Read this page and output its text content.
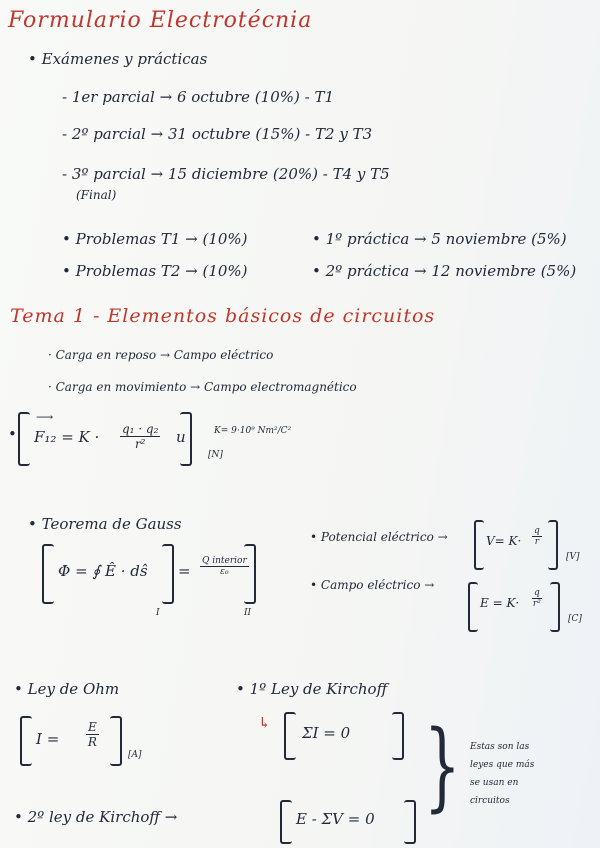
Formulario Electrotécnia
• Exámenes y prácticas
- 1er parcial → 6 octubre (10%) - T1
- 2º parcial → 31 octubre (15%) - T2 y T3
- 3º parcial → 15 diciembre (20%) - T4 y T5
(Final)
• Problemas T1 → (10%)
• Problemas T2 → (10%)
• 1º práctica → 5 noviembre (5%)
• 2º práctica → 12 noviembre (5%)
Tema 1 - Elementos básicos de circuitos
· Carga en reposo → Campo eléctrico
· Carga en movimiento → Campo electromagnético
• F₁₂ = K ·
⟶
$\frac{\text{q₁ · q₂}}{\text{r²}}$ u
[N]
K= 9·10⁹ Nm²/C²
• Teorema de Gauss
Φ = ∮ Ê · dŝ =
Q interior
ε₀
I	II
• Potencial eléctrico →	$V= K\cdot \frac{q}{r}$
[V]
• Campo eléctrico →
$E = K\cdot \frac{q}{\text{r²}}$
[C]
• Ley de Ohm
$I = \frac{E}{R}$
[A]
• 1º Ley de Kirchoff
↳
ΣI = 0
• 2º ley de Kirchoff →	E - ΣV = 0 } Estas son las
leyes que más
se usan en
circuitos
